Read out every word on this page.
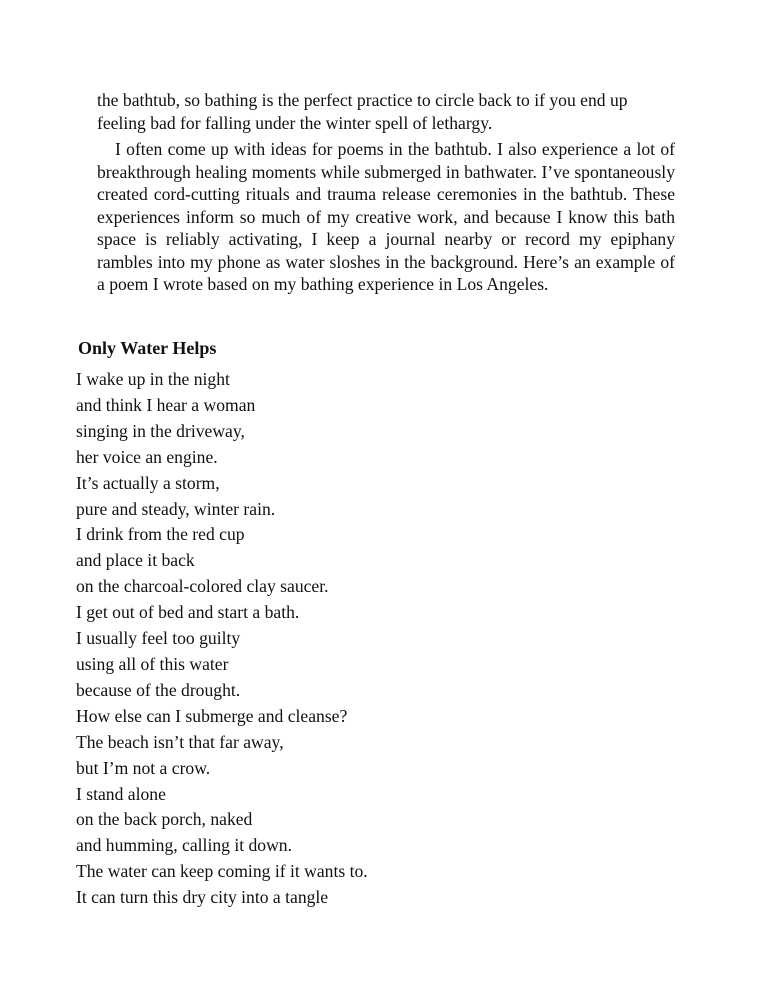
the bathtub, so bathing is the perfect practice to circle back to if you end up feeling bad for falling under the winter spell of lethargy.

I often come up with ideas for poems in the bathtub. I also experience a lot of breakthrough healing moments while submerged in bathwater. I’ve spontaneously created cord-cutting rituals and trauma release ceremonies in the bathtub. These experiences inform so much of my creative work, and because I know this bath space is reliably activating, I keep a journal nearby or record my epiphany rambles into my phone as water sloshes in the background. Here’s an example of a poem I wrote based on my bathing experience in Los Angeles.

Only Water Helps
I wake up in the night
and think I hear a woman
singing in the driveway,
her voice an engine.
It’s actually a storm,
pure and steady, winter rain.
I drink from the red cup
and place it back
on the charcoal-colored clay saucer.
I get out of bed and start a bath.
I usually feel too guilty
using all of this water
because of the drought.
How else can I submerge and cleanse?
The beach isn’t that far away,
but I’m not a crow.
I stand alone
on the back porch, naked
and humming, calling it down.
The water can keep coming if it wants to.
It can turn this dry city into a tangle
